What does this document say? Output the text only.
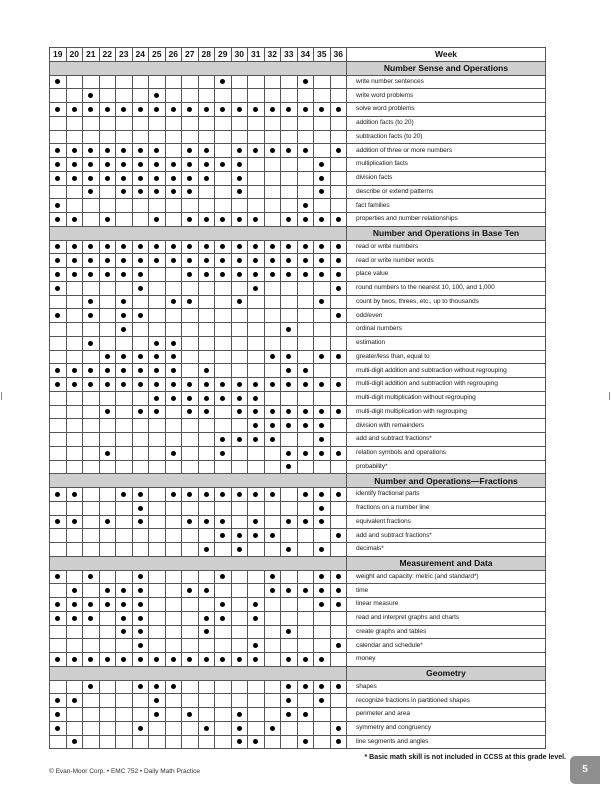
19	20	21	22	23	24	25	26	27	28	29	30	31	32	33	34	35	36	Week
																		Number Sense and Operations
																		write number sentences
																		write word problems
																		solve word problems
																		addition facts (to 20)
																		subtraction facts (to 20)
																		addition of three or more numbers
																		multiplication facts
																		division facts
																		describe or extend patterns
																		fact families
																		properties and number relationships
																		Number and Operations in Base Ten
																		read or write numbers
																		read or write number words
																		place value
																		round numbers to the nearest 10, 100, and 1,000
																		count by twos, threes, etc., up to thousands
																		odd/even
																		ordinal numbers
																		estimation
																		greater/less than, equal to
																		multi-digit addition and subtraction without regrouping
																		multi-digit addition and subtraction with regrouping
																		multi-digit multiplication without regrouping
																		multi-digit multiplication with regrouping
																		division with remainders
																		add and subtract fractions*
																		relation symbols and operations
																		probability*
																		Number and Operations—Fractions
																		identify fractional parts
																		fractions on a number line
																		equivalent fractions
																		add and subtract fractions*
																		decimals*
																		Measurement and Data
																		weight and capacity: metric (and standard*)
																		time
																		linear measure
																		read and interpret graphs and charts
																		create graphs and tables
																		calendar and schedule*
																		money
																		Geometry
																		shapes
																		recognize fractions in partitioned shapes
																		perimeter and area
																		symmetry and congruency
																		line segments and angles
* Basic math skill is not included in CCSS at this grade level.
© Evan-Moor Corp. • EMC 752 • Daily Math Practice	5
